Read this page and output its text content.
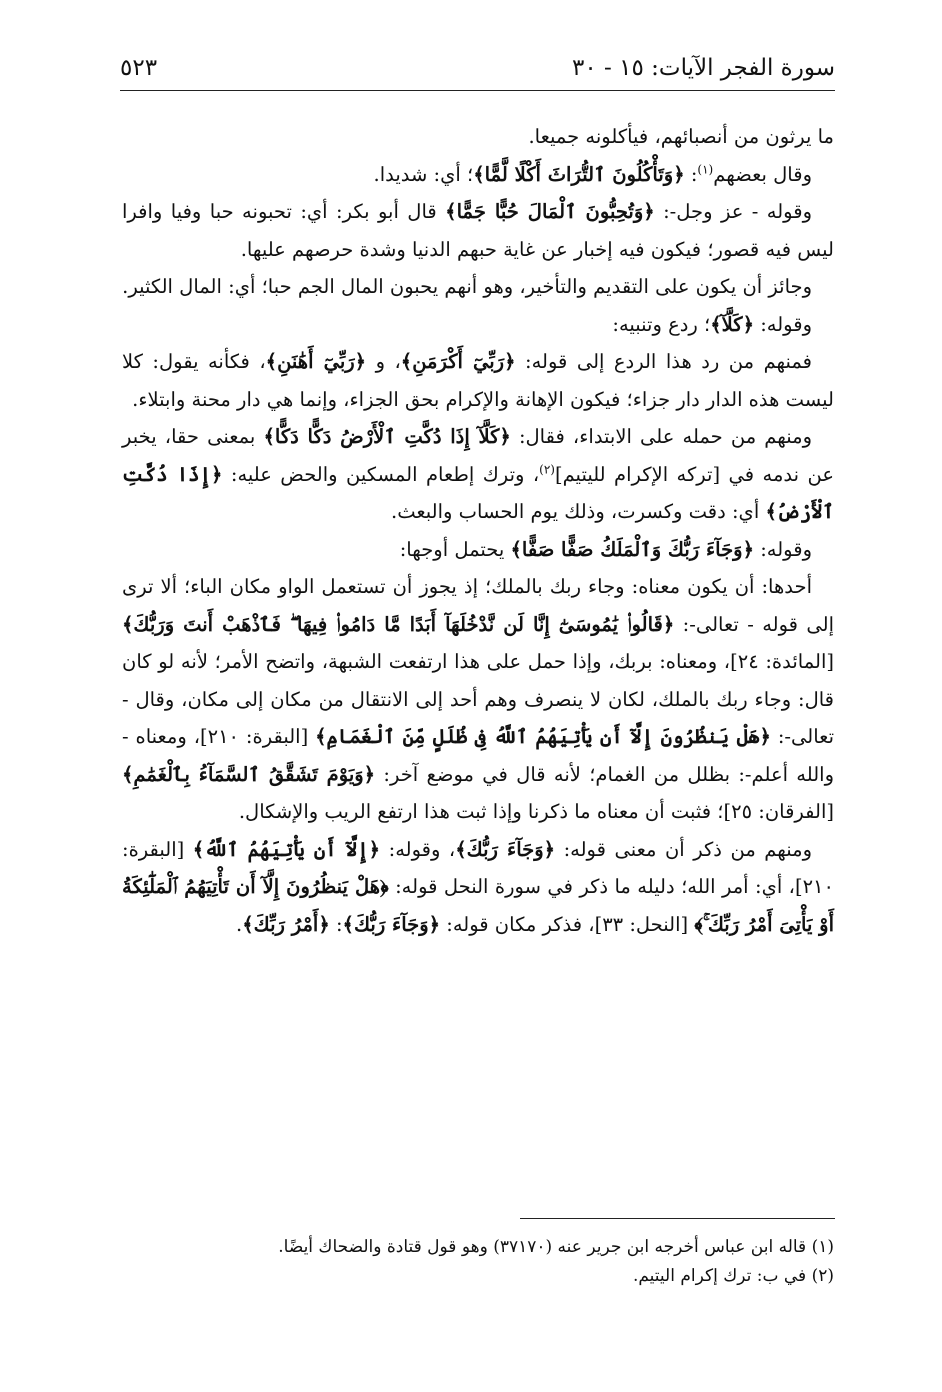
سورة الفجر الآيات: ١٥ - ٣٠
٥٢٣

ما يرثون من أنصبائهم، فيأكلونه جميعا.

وقال بعضهم$^{(١)}$: ﴿وَتَأْكُلُونَ ٱلتُّرَاثَ أَكْلًا لَّمًّا﴾؛ أي: شديدا.

وقوله - عز وجل-: ﴿وَتُحِبُّونَ ٱلْمَالَ حُبًّا جَمًّا﴾ قال أبو بكر: أي: تحبونه حبا وفيا وافرا ليس فيه قصور؛ فيكون فيه إخبار عن غاية حبهم الدنيا وشدة حرصهم عليها.

وجائز أن يكون على التقديم والتأخير، وهو أنهم يحبون المال الجم حبا؛ أي: المال الكثير.

وقوله: ﴿كَلَّآ﴾؛ ردع وتنبيه:

فمنهم من رد هذا الردع إلى قوله: ﴿رَبِّيٓ أَكْرَمَنِ﴾، و ﴿رَبِّيٓ أَهَٰنَنِ﴾، فكأنه يقول: كلا ليست هذه الدار دار جزاء؛ فيكون الإهانة والإكرام بحق الجزاء، وإنما هي دار محنة وابتلاء.

ومنهم من حمله على الابتداء، فقال: ﴿كَلَّآ إِذَا دُكَّتِ ٱلْأَرْضُ دَكًّا دَكًّا﴾ بمعنى حقا، يخبر عن ندمه في [تركه الإكرام لليتيم]$^{(٢)}$، وترك إطعام المسكين والحض عليه: ﴿إِذَا دُكَّتِ ٱلْأَرْضُ﴾ أي: دقت وكسرت، وذلك يوم الحساب والبعث.

وقوله: ﴿وَجَآءَ رَبُّكَ وَٱلْمَلَكُ صَفًّا صَفًّا﴾ يحتمل أوجها:

أحدها: أن يكون معناه: وجاء ربك بالملك؛ إذ يجوز أن تستعمل الواو مكان الباء؛ ألا ترى إلى قوله - تعالى-: ﴿قَالُوا۟ يَٰمُوسَىٰٓ إِنَّا لَن نَّدْخُلَهَآ أَبَدًا مَّا دَامُوا۟ فِيهَا ۖ فَٱذْهَبْ أَنتَ وَرَبُّكَ﴾ [المائدة: ٢٤]، ومعناه: بربك، وإذا حمل على هذا ارتفعت الشبهة، واتضح الأمر؛ لأنه لو كان قال: وجاء ربك بالملك، لكان لا ينصرف وهم أحد إلى الانتقال من مكان إلى مكان، وقال - تعالى-: ﴿هَلْ يَنظُرُونَ إِلَّآ أَن يَأْتِيَهُمُ ٱللَّهُ فِى ظُلَلٍ مِّنَ ٱلْغَمَامِ﴾ [البقرة: ٢١٠]، ومعناه - والله أعلم-: بظلل من الغمام؛ لأنه قال في موضع آخر: ﴿وَيَوْمَ تَشَقَّقُ ٱلسَّمَآءُ بِٱلْغَمَٰمِ﴾ [الفرقان: ٢٥]؛ فثبت أن معناه ما ذكرنا وإذا ثبت هذا ارتفع الريب والإشكال.

ومنهم من ذكر أن معنى قوله: ﴿وَجَآءَ رَبُّكَ﴾، وقوله: ﴿إِلَّآ أَن يَأْتِيَهُمُ ٱللَّهُ﴾ [البقرة: ٢١٠]، أي: أمر الله؛ دليله ما ذكر في سورة النحل قوله: ﴿هَلْ يَنظُرُونَ إِلَّآ أَن تَأْتِيَهُمُ ٱلْمَلَٰٓئِكَةُ أَوْ يَأْتِىَ أَمْرُ رَبِّكَ ۚ﴾ [النحل: ٣٣]، فذكر مكان قوله: ﴿وَجَآءَ رَبُّكَ﴾: ﴿أَمْرُ رَبِّكَ﴾.

(١) قاله ابن عباس أخرجه ابن جرير عنه (٣٧١٧٠) وهو قول قتادة والضحاك أيضًا.

(٢) في ب: ترك إكرام اليتيم.
